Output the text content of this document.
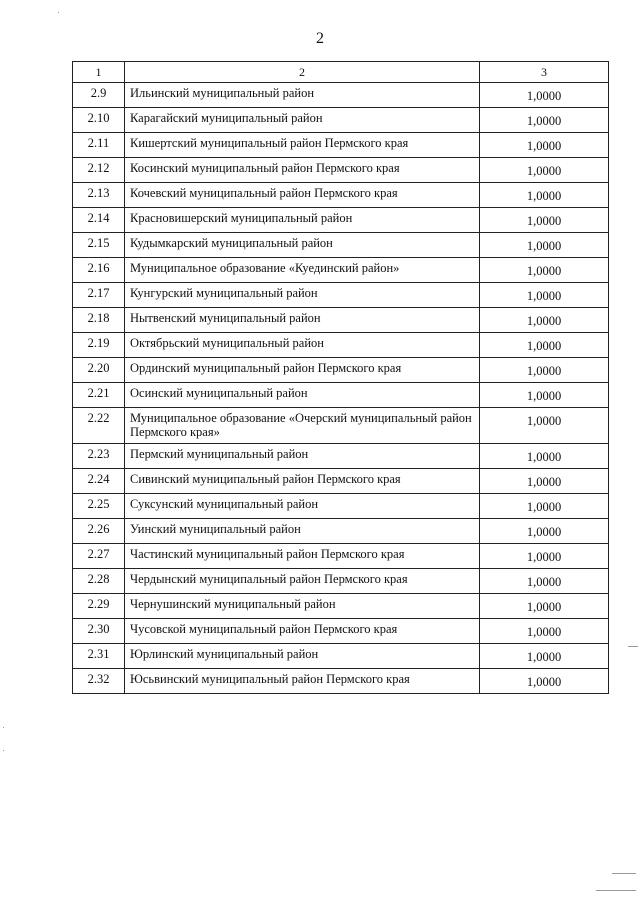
2
1	2	3
2.9	Ильинский муниципальный район	1,0000
2.10	Карагайский муниципальный район	1,0000
2.11	Кишертский муниципальный район Пермского края	1,0000
2.12	Косинский муниципальный район Пермского края	1,0000
2.13	Кочевский муниципальный район Пермского края	1,0000
2.14	Красновишерский муниципальный район	1,0000
2.15	Кудымкарский муниципальный район	1,0000
2.16	Муниципальное образование «Куединский район»	1,0000
2.17	Кунгурский муниципальный район	1,0000
2.18	Нытвенский муниципальный район	1,0000
2.19	Октябрьский муниципальный район	1,0000
2.20	Ординский муниципальный район Пермского края	1,0000
2.21	Осинский муниципальный район	1,0000
2.22	Муниципальное образование «Очерский муниципальный район Пермского края»	1,0000
2.23	Пермский муниципальный район	1,0000
2.24	Сивинский муниципальный район Пермского края	1,0000
2.25	Суксунский муниципальный район	1,0000
2.26	Уинский муниципальный район	1,0000
2.27	Частинский муниципальный район Пермского края	1,0000
2.28	Чердынский муниципальный район Пермского края	1,0000
2.29	Чернушинский муниципальный район	1,0000
2.30	Чусовской муниципальный район Пермского края	1,0000
2.31	Юрлинский муниципальный район	1,0000
2.32	Юсьвинский муниципальный район Пермского края	1,0000
